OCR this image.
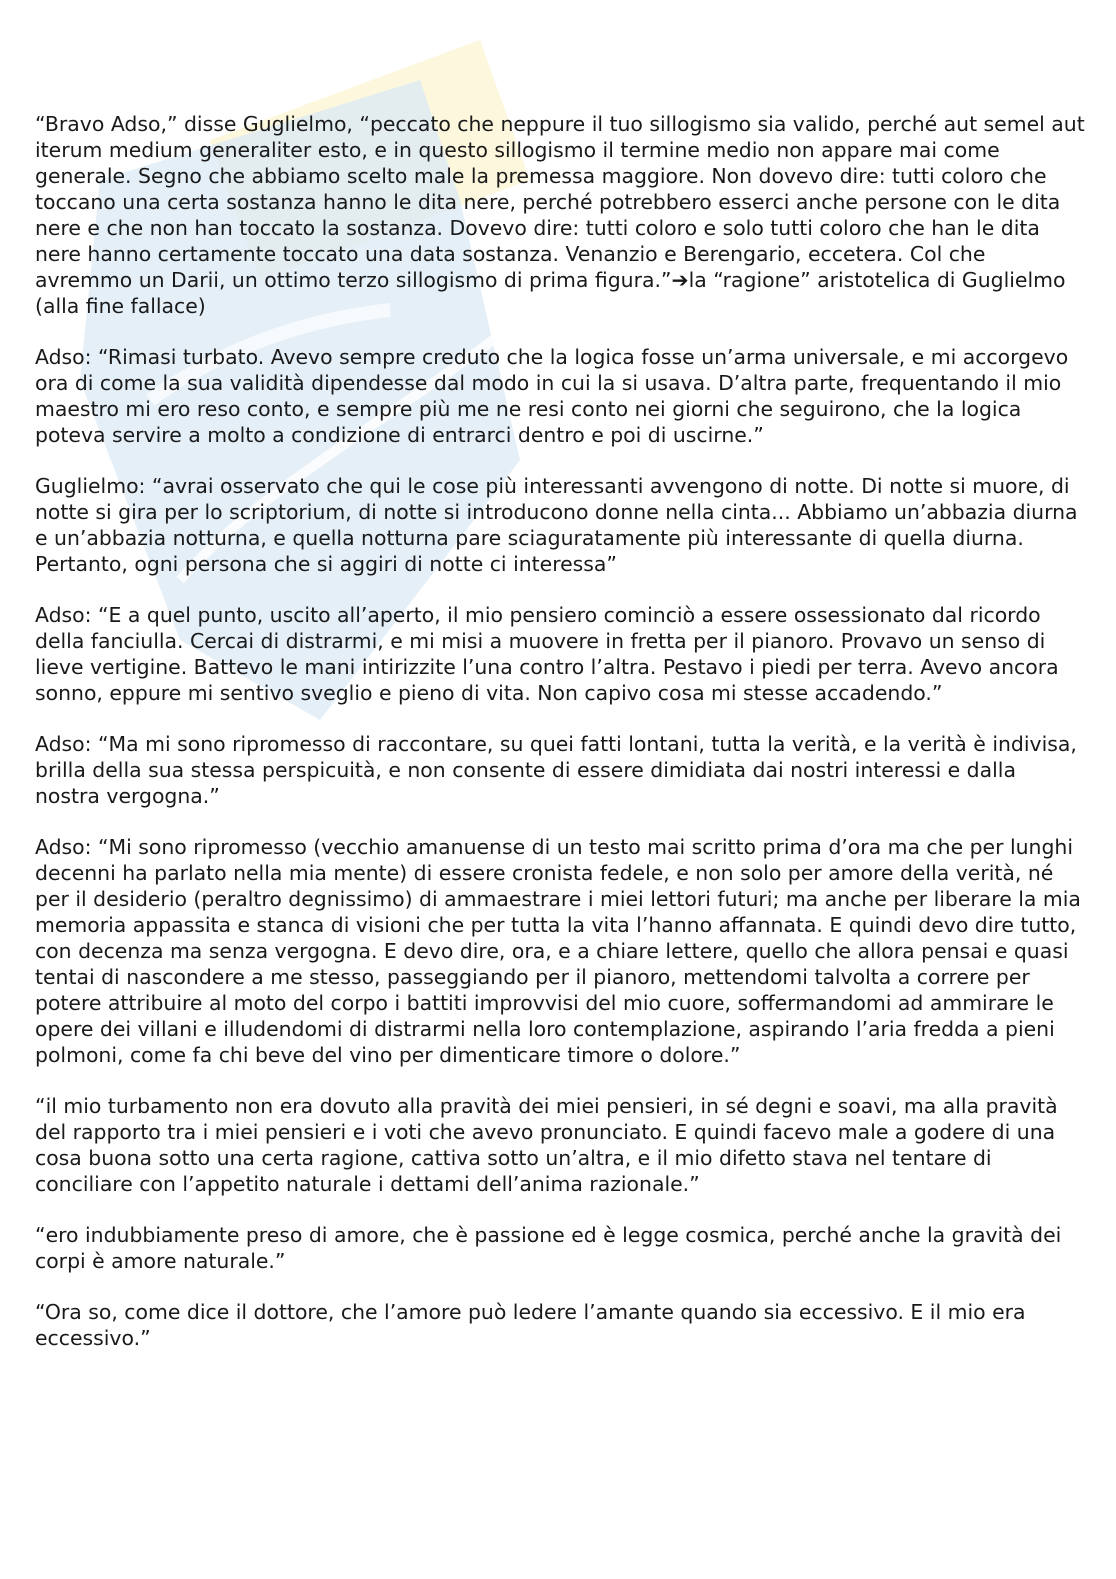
“Bravo Adso,” disse Guglielmo, “peccato che neppure il tuo sillogismo sia valido, perché aut semel aut iterum medium generaliter esto, e in questo sillogismo il termine medio non appare mai come generale. Segno che abbiamo scelto male la premessa maggiore. Non dovevo dire: tutti coloro che toccano una certa sostanza hanno le dita nere, perché potrebbero esserci anche persone con le dita nere e che non han toccato la sostanza. Dovevo dire: tutti coloro e solo tutti coloro che han le dita nere hanno certamente toccato una data sostanza. Venanzio e Berengario, eccetera. Col che avremmo un Darii, un ottimo terzo sillogismo di prima figura.”➔la “ragione” aristotelica di Guglielmo (alla fine fallace)

Adso: “Rimasi turbato. Avevo sempre creduto che la logica fosse un’arma universale, e mi accorgevo ora di come la sua validità dipendesse dal modo in cui la si usava. D’altra parte, frequentando il mio maestro mi ero reso conto, e sempre più me ne resi conto nei giorni che seguirono, che la logica poteva servire a molto a condizione di entrarci dentro e poi di uscirne.”

Guglielmo: “avrai osservato che qui le cose più interessanti avvengono di notte. Di notte si muore, di notte si gira per lo scriptorium, di notte si introducono donne nella cinta... Abbiamo un’abbazia diurna e un’abbazia notturna, e quella notturna pare sciaguratamente più interessante di quella diurna. Pertanto, ogni persona che si aggiri di notte ci interessa”

Adso: “E a quel punto, uscito all’aperto, il mio pensiero cominciò a essere ossessionato dal ricordo della fanciulla. Cercai di distrarmi, e mi misi a muovere in fretta per il pianoro. Provavo un senso di lieve vertigine. Battevo le mani intirizzite l’una contro l’altra. Pestavo i piedi per terra. Avevo ancora sonno, eppure mi sentivo sveglio e pieno di vita. Non capivo cosa mi stesse accadendo.”

Adso: “Ma mi sono ripromesso di raccontare, su quei fatti lontani, tutta la verità, e la verità è indivisa, brilla della sua stessa perspicuità, e non consente di essere dimidiata dai nostri interessi e dalla nostra vergogna.”

Adso: “Mi sono ripromesso (vecchio amanuense di un testo mai scritto prima d’ora ma che per lunghi decenni ha parlato nella mia mente) di essere cronista fedele, e non solo per amore della verità, né per il desiderio (peraltro degnissimo) di ammaestrare i miei lettori futuri; ma anche per liberare la mia memoria appassita e stanca di visioni che per tutta la vita l’hanno affannata. E quindi devo dire tutto, con decenza ma senza vergogna. E devo dire, ora, e a chiare lettere, quello che allora pensai e quasi tentai di nascondere a me stesso, passeggiando per il pianoro, mettendomi talvolta a correre per potere attribuire al moto del corpo i battiti improvvisi del mio cuore, soffermandomi ad ammirare le opere dei villani e illudendomi di distrarmi nella loro contemplazione, aspirando l’aria fredda a pieni polmoni, come fa chi beve del vino per dimenticare timore o dolore.”

“il mio turbamento non era dovuto alla pravità dei miei pensieri, in sé degni e soavi, ma alla pravità del rapporto tra i miei pensieri e i voti che avevo pronunciato. E quindi facevo male a godere di una cosa buona sotto una certa ragione, cattiva sotto un’altra, e il mio difetto stava nel tentare di conciliare con l’appetito naturale i dettami dell’anima razionale.”

“ero indubbiamente preso di amore, che è passione ed è legge cosmica, perché anche la gravità dei corpi è amore naturale.”

“Ora so, come dice il dottore, che l’amore può ledere l’amante quando sia eccessivo. E il mio era eccessivo.”
